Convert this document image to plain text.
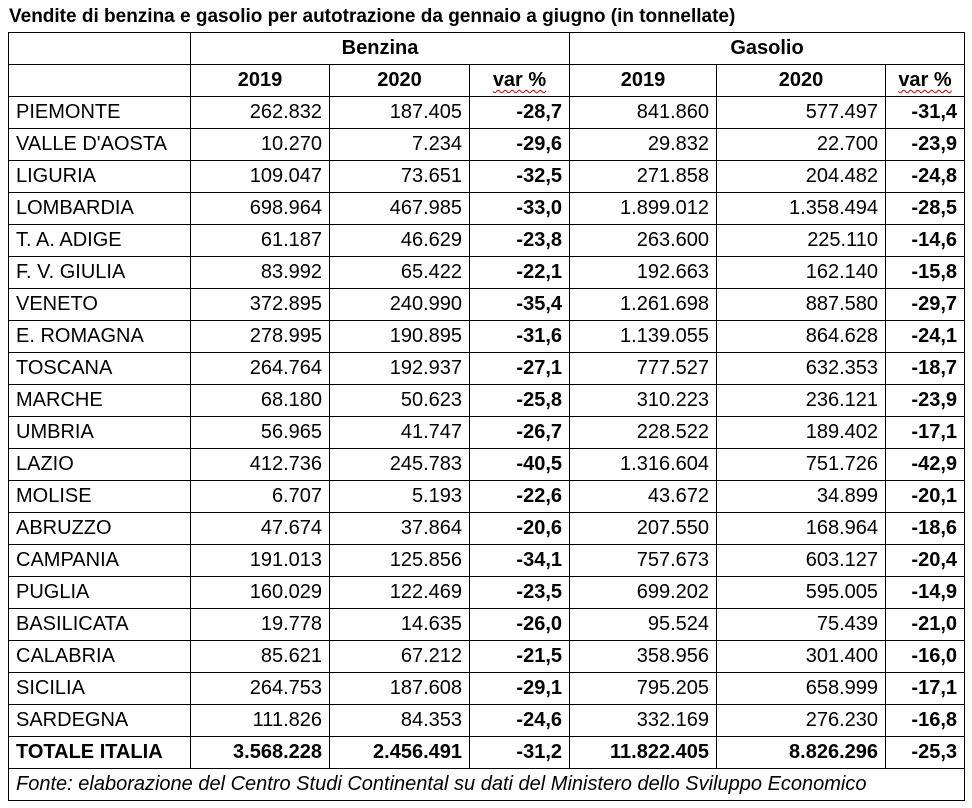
Vendite di benzina e gasolio per autotrazione da gennaio a giugno (in tonnellate)
	Benzina			Gasolio		
	2019	2020	var %	2019	2020	var %
PIEMONTE	262.832	187.405	-28,7	841.860	577.497	-31,4
VALLE D'AOSTA	10.270	7.234	-29,6	29.832	22.700	-23,9
LIGURIA	109.047	73.651	-32,5	271.858	204.482	-24,8
LOMBARDIA	698.964	467.985	-33,0	1.899.012	1.358.494	-28,5
T. A. ADIGE	61.187	46.629	-23,8	263.600	225.110	-14,6
F. V. GIULIA	83.992	65.422	-22,1	192.663	162.140	-15,8
VENETO	372.895	240.990	-35,4	1.261.698	887.580	-29,7
E. ROMAGNA	278.995	190.895	-31,6	1.139.055	864.628	-24,1
TOSCANA	264.764	192.937	-27,1	777.527	632.353	-18,7
MARCHE	68.180	50.623	-25,8	310.223	236.121	-23,9
UMBRIA	56.965	41.747	-26,7	228.522	189.402	-17,1
LAZIO	412.736	245.783	-40,5	1.316.604	751.726	-42,9
MOLISE	6.707	5.193	-22,6	43.672	34.899	-20,1
ABRUZZO	47.674	37.864	-20,6	207.550	168.964	-18,6
CAMPANIA	191.013	125.856	-34,1	757.673	603.127	-20,4
PUGLIA	160.029	122.469	-23,5	699.202	595.005	-14,9
BASILICATA	19.778	14.635	-26,0	95.524	75.439	-21,0
CALABRIA	85.621	67.212	-21,5	358.956	301.400	-16,0
SICILIA	264.753	187.608	-29,1	795.205	658.999	-17,1
SARDEGNA	111.826	84.353	-24,6	332.169	276.230	-16,8
TOTALE ITALIA	3.568.228	2.456.491	-31,2	11.822.405	8.826.296	-25,3
Fonte: elaborazione del Centro Studi Continental su dati del Ministero dello Sviluppo Economico						
